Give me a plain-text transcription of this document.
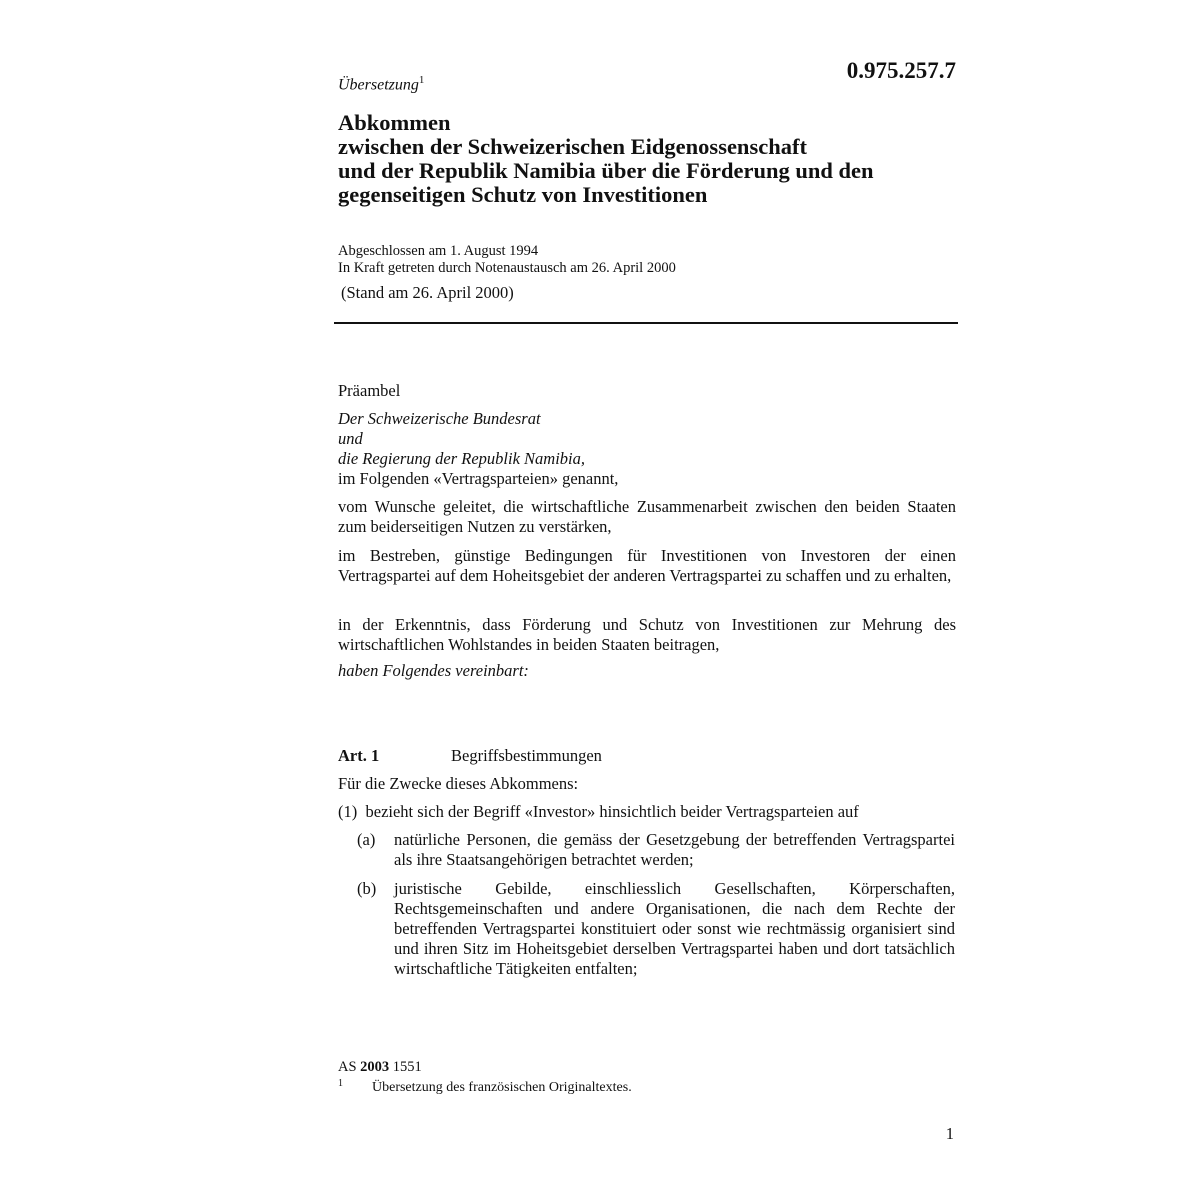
0.975.257.7
Übersetzung$^1$
Abkommen
zwischen der Schweizerischen Eidgenossenschaft
und der Republik Namibia über die Förderung und den
gegenseitigen Schutz von Investitionen
Abgeschlossen am 1. August 1994
In Kraft getreten durch Notenaustausch am 26. April 2000
(Stand am 26. April 2000)
Präambel
Der Schweizerische Bundesrat
und
die Regierung der Republik Namibia,
im Folgenden «Vertragsparteien» genannt,
vom Wunsche geleitet, die wirtschaftliche Zusammenarbeit zwischen den beiden Staaten zum beiderseitigen Nutzen zu verstärken,
im Bestreben, günstige Bedingungen für Investitionen von Investoren der einen Vertragspartei auf dem Hoheitsgebiet der anderen Vertragspartei zu schaffen und zu erhalten,
in der Erkenntnis, dass Förderung und Schutz von Investitionen zur Mehrung des wirtschaftlichen Wohlstandes in beiden Staaten beitragen,
haben Folgendes vereinbart:
Art. 1	Begriffsbestimmungen
Für die Zwecke dieses Abkommens:
(1)  bezieht sich der Begriff «Investor» hinsichtlich beider Vertragsparteien auf
(a) natürliche Personen, die gemäss der Gesetzgebung der betreffenden Vertragspartei als ihre Staatsangehörigen betrachtet werden;
(b) juristische Gebilde, einschliesslich Gesellschaften, Körperschaften, Rechtsgemeinschaften und andere Organisationen, die nach dem Rechte der betreffenden Vertragspartei konstituiert oder sonst wie rechtmässig organisiert sind und ihren Sitz im Hoheitsgebiet derselben Vertragspartei haben und dort tatsächlich wirtschaftliche Tätigkeiten entfalten;
AS 2003 1551
$^1$ Übersetzung des französischen Originaltextes.
1
